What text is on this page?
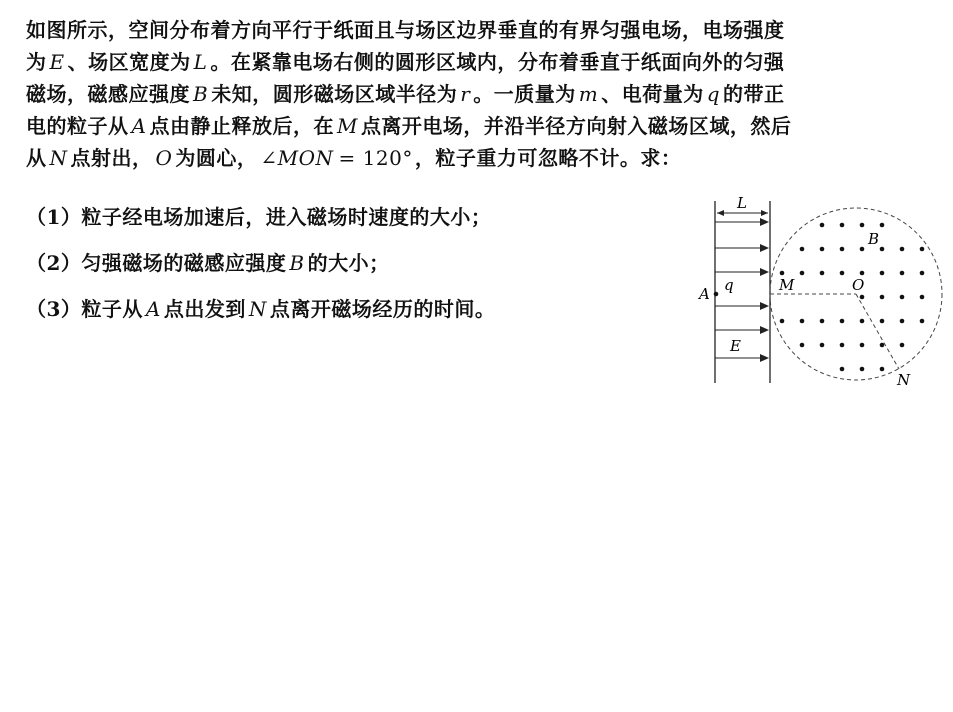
如图所示，空间分布着方向平行于纸面且与场区边界垂直的有界匀强电场，电场强度
为 E 、场区宽度为 L 。在紧靠电场右侧的圆形区域内，分布着垂直于纸面向外的匀强
磁场，磁感应强度 B 未知，圆形磁场区域半径为 r 。一质量为 m 、电荷量为 q 的带正
电的粒子从 A 点由静止释放后，在 M 点离开电场，并沿半径方向射入磁场区域，然后
从 N 点射出， O 为圆心， ∠MON = 120° ，粒子重力可忽略不计。求：
（1）粒子经电场加速后，进入磁场时速度的大小；
（2）匀强磁场的磁感应强度 B 的大小；
（3）粒子从 A 点出发到 N 点离开磁场经历的时间。
L
E
A q	M	O
B
N
